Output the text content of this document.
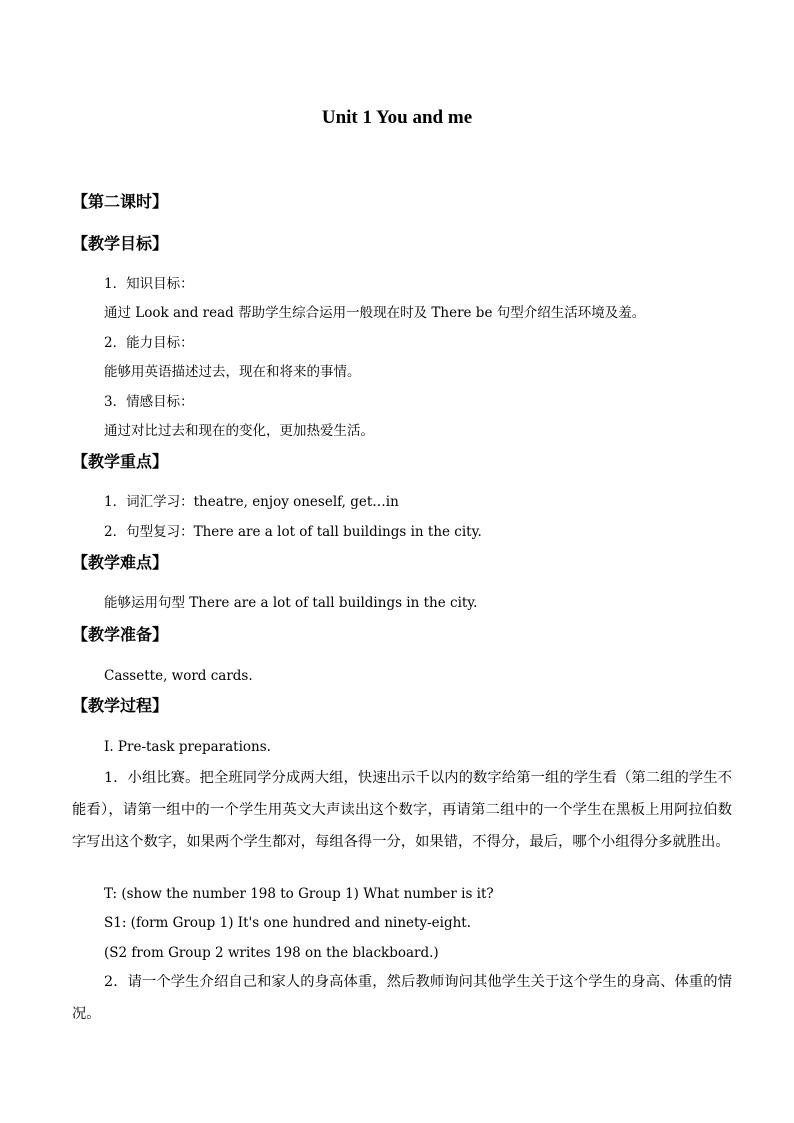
Unit 1 You and me
【第二课时】
【教学目标】
1．知识目标：
通过 Look and read 帮助学生综合运用一般现在时及 There be 句型介绍生活环境及羞。
2．能力目标：
能够用英语描述过去，现在和将来的事情。
3．情感目标：
通过对比过去和现在的变化，更加热爱生活。
【教学重点】
1．词汇学习：theatre, enjoy oneself, get…in
2．句型复习：There are a lot of tall buildings in the city.
【教学难点】
能够运用句型 There are a lot of tall buildings in the city.
【教学准备】
Cassette, word cards.
【教学过程】
I. Pre-task preparations.
1．小组比赛。把全班同学分成两大组，快速出示千以内的数字给第一组的学生看（第二组的学生不能看），请第一组中的一个学生用英文大声读出这个数字，再请第二组中的一个学生在黑板上用阿拉伯数字写出这个数字，如果两个学生都对，每组各得一分，如果错，不得分，最后，哪个小组得分多就胜出。
T: (show the number 198 to Group 1) What number is it?
S1: (form Group 1) It's one hundred and ninety-eight.
(S2 from Group 2 writes 198 on the blackboard.)
2．请一个学生介绍自己和家人的身高体重，然后教师询问其他学生关于这个学生的身高、体重的情况。
